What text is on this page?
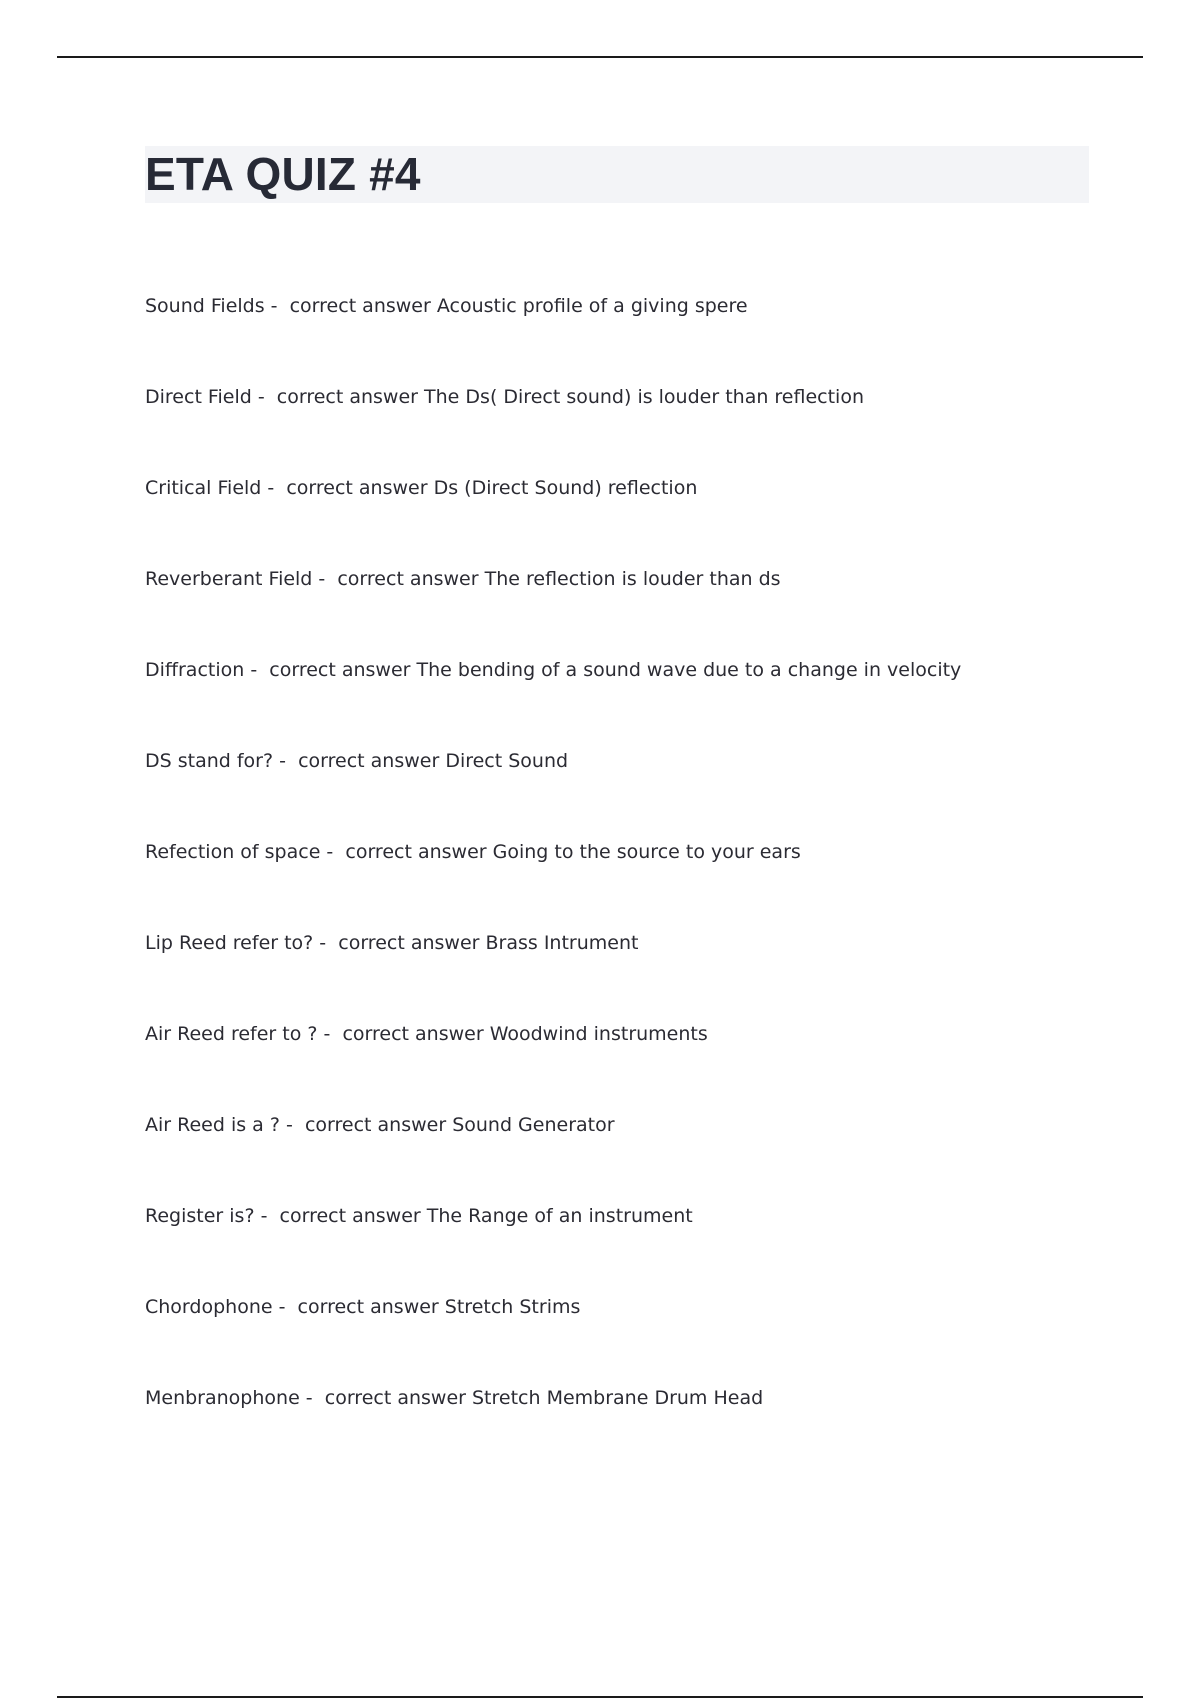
ETA QUIZ #4
Sound Fields -  correct answer Acoustic profile of a giving spere
Direct Field -  correct answer The Ds( Direct sound) is louder than reflection
Critical Field -  correct answer Ds (Direct Sound) reflection
Reverberant Field -  correct answer The reflection is louder than ds
Diffraction -  correct answer The bending of a sound wave due to a change in velocity
DS stand for? -  correct answer Direct Sound
Refection of space -  correct answer Going to the source to your ears
Lip Reed refer to? -  correct answer Brass Intrument
Air Reed refer to ? -  correct answer Woodwind instruments
Air Reed is a ? -  correct answer Sound Generator
Register is? -  correct answer The Range of an instrument
Chordophone -  correct answer Stretch Strims
Menbranophone -  correct answer Stretch Membrane Drum Head
